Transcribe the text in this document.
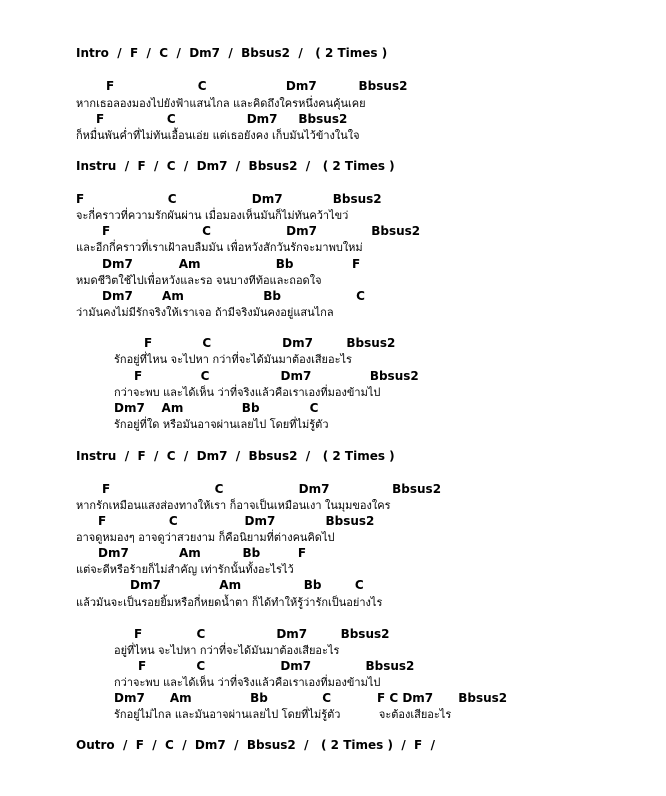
Intro  /  F  /  C  /  Dm7  /  Bbsus2  /   ( 2 Times )
F                    C                   Dm7          Bbsus2
หากเธอลองมองไปยังฟ้าแสนไกล และคิดถึงใครหนึ่งคนคุ้นเคย
F               C                 Dm7     Bbsus2
ก็หมื่นพันค่ำที่ไม่ทันเอื้อนเอ่ย แต่เธอยังคง เก็บมันไว้ข้างในใจ
Instru  /  F  /  C  /  Dm7  /  Bbsus2  /   ( 2 Times )
F                    C                  Dm7            Bbsus2
จะกี่คราวที่ความรักผันผ่าน เมื่อมองเห็นมันก็ไม่ทันคว้าไขว่
F                      C                  Dm7             Bbsus2
และอีกกี่คราวที่เราเฝ้าลบลืมมัน เพื่อหวังสักวันรักจะมาพบใหม่
Dm7           Am                  Bb              F
หมดชีวิตใช้ไปเพื่อหวังและรอ จนบางทีท้อและถอดใจ
Dm7       Am                   Bb                  C
ว่ามันคงไม่มีรักจริงให้เราเจอ ถ้ามีจริงมันคงอยู่แสนไกล
F            C                 Dm7        Bbsus2
รักอยู่ที่ไหน จะไปหา กว่าที่จะได้มันมาต้องเสียอะไร
F              C                 Dm7              Bbsus2
กว่าจะพบ และได้เห็น ว่าที่จริงแล้วคือเราเองที่มองข้ามไป
Dm7    Am              Bb            C
รักอยู่ที่ใด หรือมันอาจผ่านเลยไป โดยที่ไม่รู้ตัว
Instru  /  F  /  C  /  Dm7  /  Bbsus2  /   ( 2 Times )
F                         C                  Dm7               Bbsus2
หากรักเหมือนแสงส่องทางให้เรา ก็อาจเป็นเหมือนเงา ในมุมของใคร
F               C                Dm7            Bbsus2
อาจดูหมองๆ อาจดูว่าสวยงาม ก็คือนิยามที่ต่างคนคิดไป
Dm7            Am          Bb         F
แต่จะดีหรือร้ายก็ไม่สำคัญ เท่ารักนั้นทั้งอะไรไว้
Dm7              Am               Bb        C
แล้วมันจะเป็นรอยยิ้มหรือกี่หยดน้ำตา ก็ได้ทำให้รู้ว่ารักเป็นอย่างไร
F             C                 Dm7        Bbsus2
อยู่ที่ไหน จะไปหา กว่าที่จะได้มันมาต้องเสียอะไร
F            C                  Dm7             Bbsus2
กว่าจะพบ และได้เห็น ว่าที่จริงแล้วคือเราเองที่มองข้ามไป
Dm7      Am              Bb             C           F C Dm7      Bbsus2
รักอยู่ไม่ไกล และมันอาจผ่านเลยไป โดยที่ไม่รู้ตัว           จะต้องเสียอะไร
Outro  /  F  /  C  /  Dm7  /  Bbsus2  /   ( 2 Times )  /  F  /
